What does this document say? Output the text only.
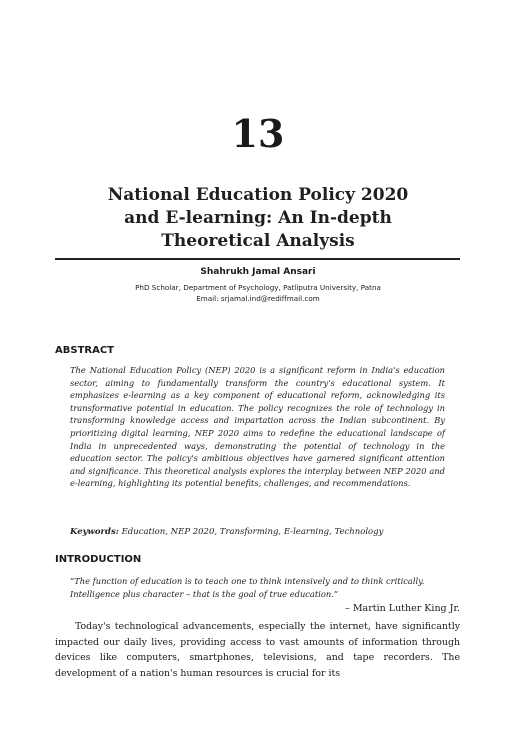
13
National Education Policy 2020
and E-learning: An In-depth
Theoretical Analysis
Shahrukh Jamal Ansari
PhD Scholar, Department of Psychology, Patliputra University, Patna
Email: srjamal.ind@rediffmail.com
ABSTRACT
The National Education Policy (NEP) 2020 is a significant reform in India's education sector, aiming to fundamentally transform the country's educational system. It emphasizes e-learning as a key component of educational reform, acknowledging its transformative potential in education. The policy recognizes the role of technology in transforming knowledge access and impartation across the Indian subcontinent. By prioritizing digital learning, NEP 2020 aims to redefine the educational landscape of India in unprecedented ways, demonstrating the potential of technology in the education sector. The policy's ambitious objectives have garnered significant attention and significance. This theoretical analysis explores the interplay between NEP 2020 and e-learning, highlighting its potential benefits, challenges, and recommendations.
Keywords: Education, NEP 2020, Transforming, E-learning, Technology
INTRODUCTION
“The function of education is to teach one to think intensively and to think critically. Intelligence plus character – that is the goal of true education.”
– Martin Luther King Jr.
Today's technological advancements, especially the internet, have significantly impacted our daily lives, providing access to vast amounts of information through devices like computers, smartphones, televisions, and tape recorders. The development of a nation's human resources is crucial for its
